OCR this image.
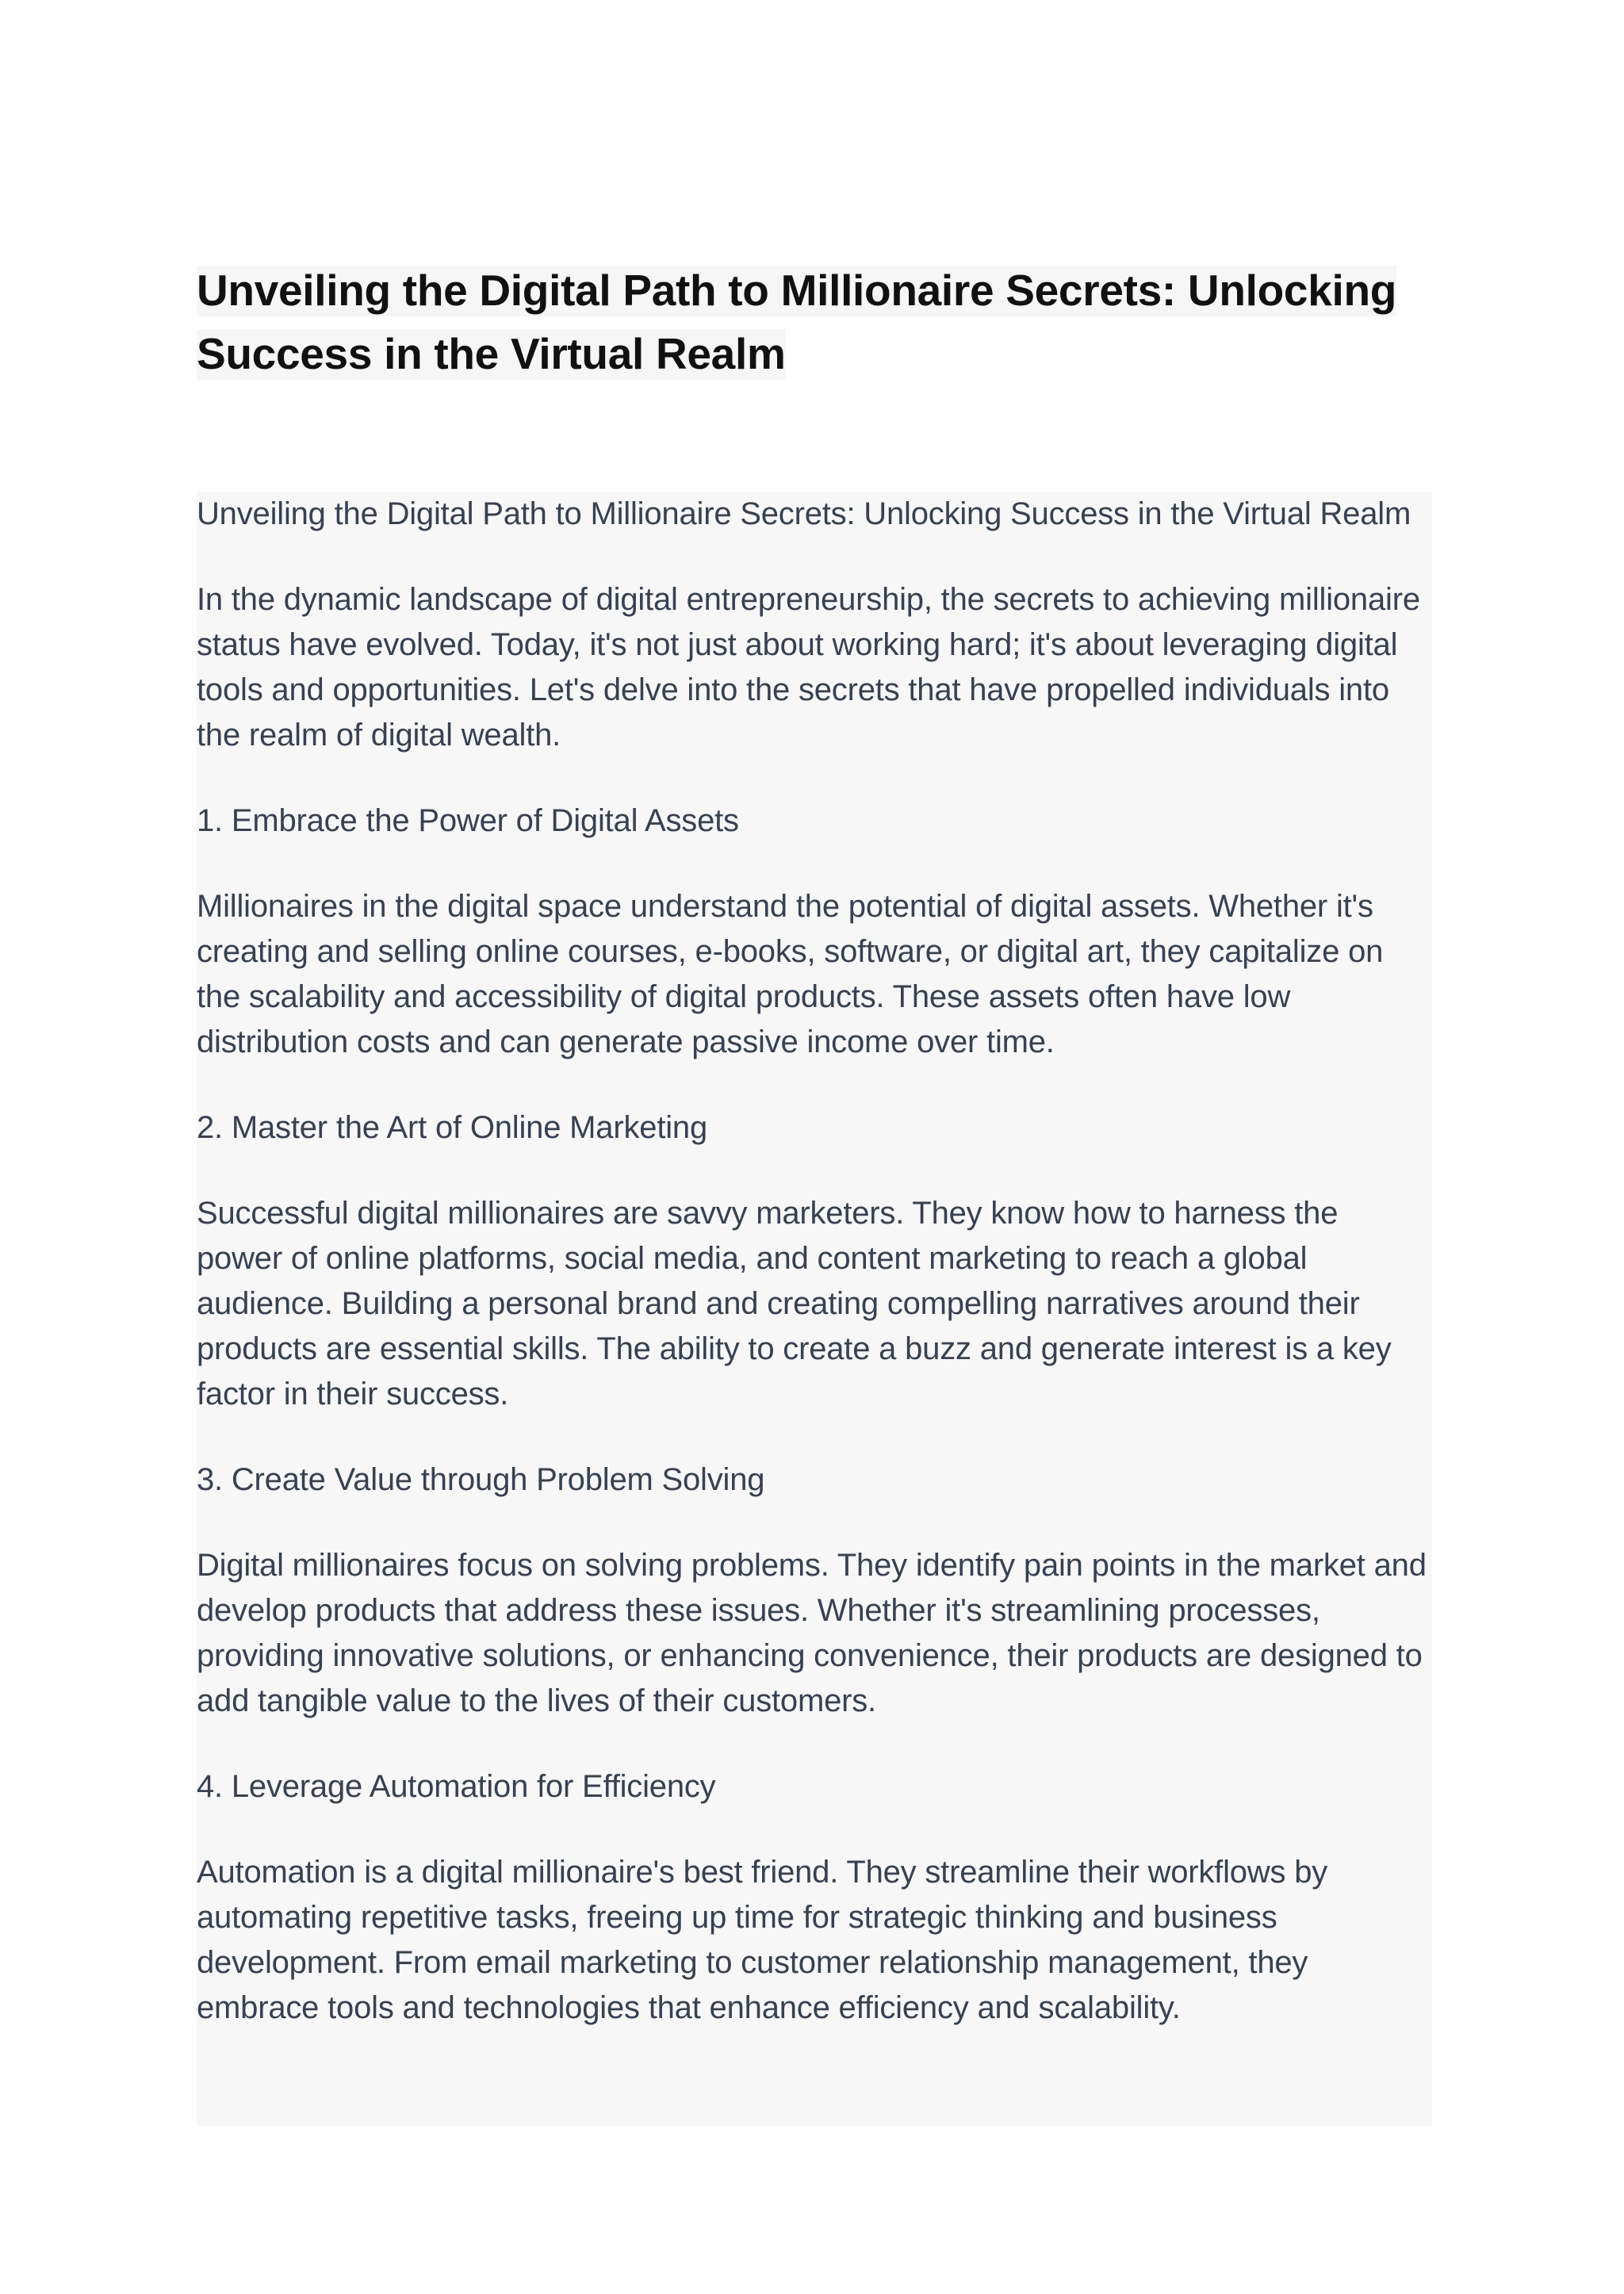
Unveiling the Digital Path to Millionaire Secrets: Unlocking Success in the Virtual Realm

Unveiling the Digital Path to Millionaire Secrets: Unlocking Success in the Virtual Realm

In the dynamic landscape of digital entrepreneurship, the secrets to achieving millionaire status have evolved. Today, it's not just about working hard; it's about leveraging digital tools and opportunities. Let's delve into the secrets that have propelled individuals into the realm of digital wealth.

1. Embrace the Power of Digital Assets

Millionaires in the digital space understand the potential of digital assets. Whether it's creating and selling online courses, e-books, software, or digital art, they capitalize on the scalability and accessibility of digital products. These assets often have low distribution costs and can generate passive income over time.

2. Master the Art of Online Marketing

Successful digital millionaires are savvy marketers. They know how to harness the power of online platforms, social media, and content marketing to reach a global audience. Building a personal brand and creating compelling narratives around their products are essential skills. The ability to create a buzz and generate interest is a key factor in their success.

3. Create Value through Problem Solving

Digital millionaires focus on solving problems. They identify pain points in the market and develop products that address these issues. Whether it's streamlining processes, providing innovative solutions, or enhancing convenience, their products are designed to add tangible value to the lives of their customers.

4. Leverage Automation for Efficiency

Automation is a digital millionaire's best friend. They streamline their workflows by automating repetitive tasks, freeing up time for strategic thinking and business development. From email marketing to customer relationship management, they embrace tools and technologies that enhance efficiency and scalability.
